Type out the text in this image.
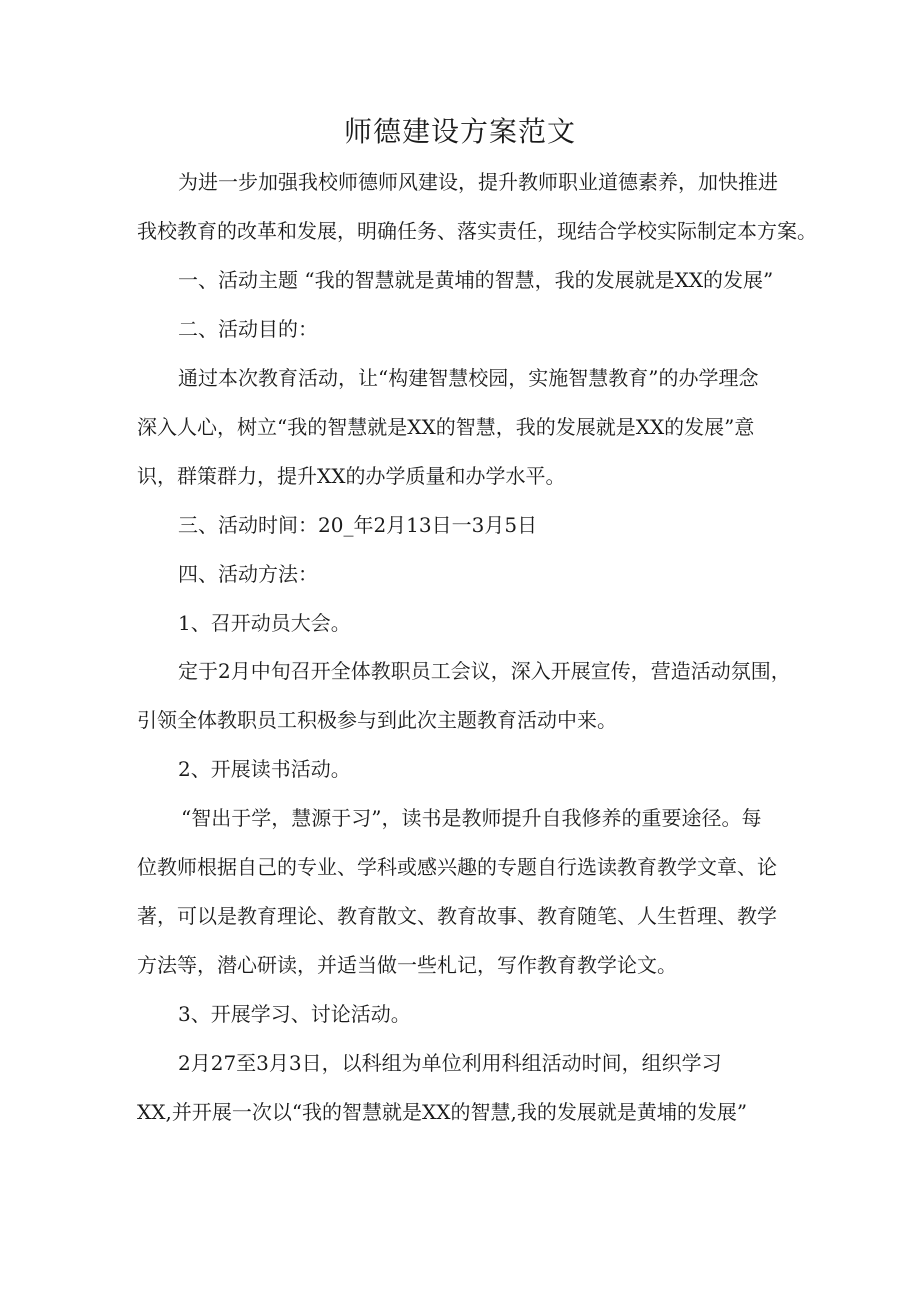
师德建设方案范文
为进一步加强我校师德师风建设，提升教师职业道德素养，加快推进
我校教育的改革和发展，明确任务、落实责任，现结合学校实际制定本方案。
一、活动主题 “我的智慧就是黄埔的智慧，我的发展就是XX的发展”
二、活动目的：
通过本次教育活动，让“构建智慧校园，实施智慧教育”的办学理念
深入人心，树立“我的智慧就是XX的智慧，我的发展就是XX的发展”意
识，群策群力，提升XX的办学质量和办学水平。
三、活动时间：20_年2月13日一3月5日
四、活动方法：
1、召开动员大会。
定于2月中旬召开全体教职员工会议，深入开展宣传，营造活动氛围，
引领全体教职员工积极参与到此次主题教育活动中来。
2、开展读书活动。
“智出于学，慧源于习”，读书是教师提升自我修养的重要途径。每
位教师根据自己的专业、学科或感兴趣的专题自行选读教育教学文章、论
著，可以是教育理论、教育散文、教育故事、教育随笔、人生哲理、教学
方法等，潜心研读，并适当做一些札记，写作教育教学论文。
3、开展学习、讨论活动。
2月27至3月3日，以科组为单位利用科组活动时间，组织学习
XX,并开展一次以“我的智慧就是XX的智慧,我的发展就是黄埔的发展”
